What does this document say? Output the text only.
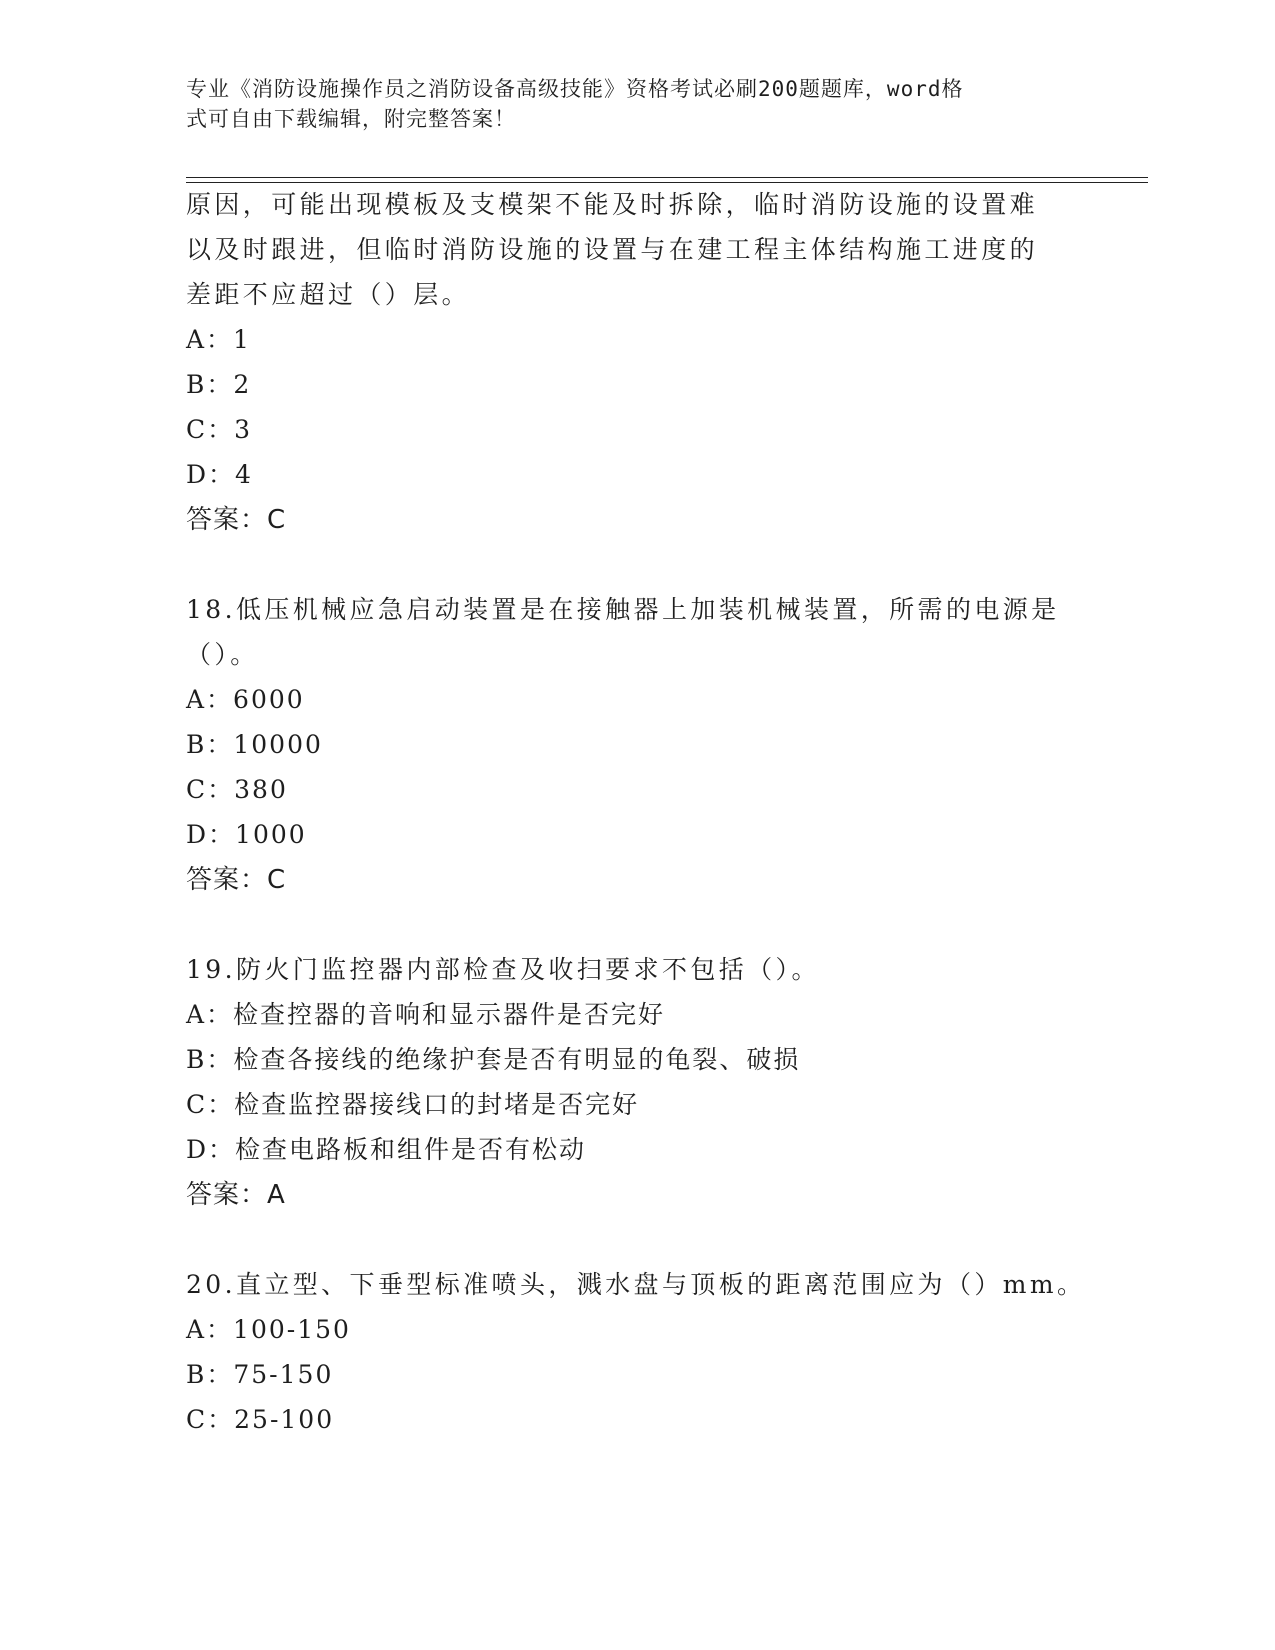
专业《消防设施操作员之消防设备高级技能》资格考试必刷200题题库，word格
式可自由下载编辑，附完整答案！
原因，可能出现模板及支模架不能及时拆除，临时消防设施的设置难
以及时跟进，但临时消防设施的设置与在建工程主体结构施工进度的
差距不应超过（）层。
A：1
B：2
C：3
D：4
答案：C
18.低压机械应急启动装置是在接触器上加装机械装置，所需的电源是
（）。
A：6000
B：10000
C：380
D：1000
答案：C
19.防火门监控器内部检查及收扫要求不包括（）。
A：检查控器的音响和显示器件是否完好
B：检查各接线的绝缘护套是否有明显的龟裂、破损
C：检查监控器接线口的封堵是否完好
D：检查电路板和组件是否有松动
答案：A
20.直立型、下垂型标准喷头，溅水盘与顶板的距离范围应为（）mm。
A：100-150
B：75-150
C：25-100
